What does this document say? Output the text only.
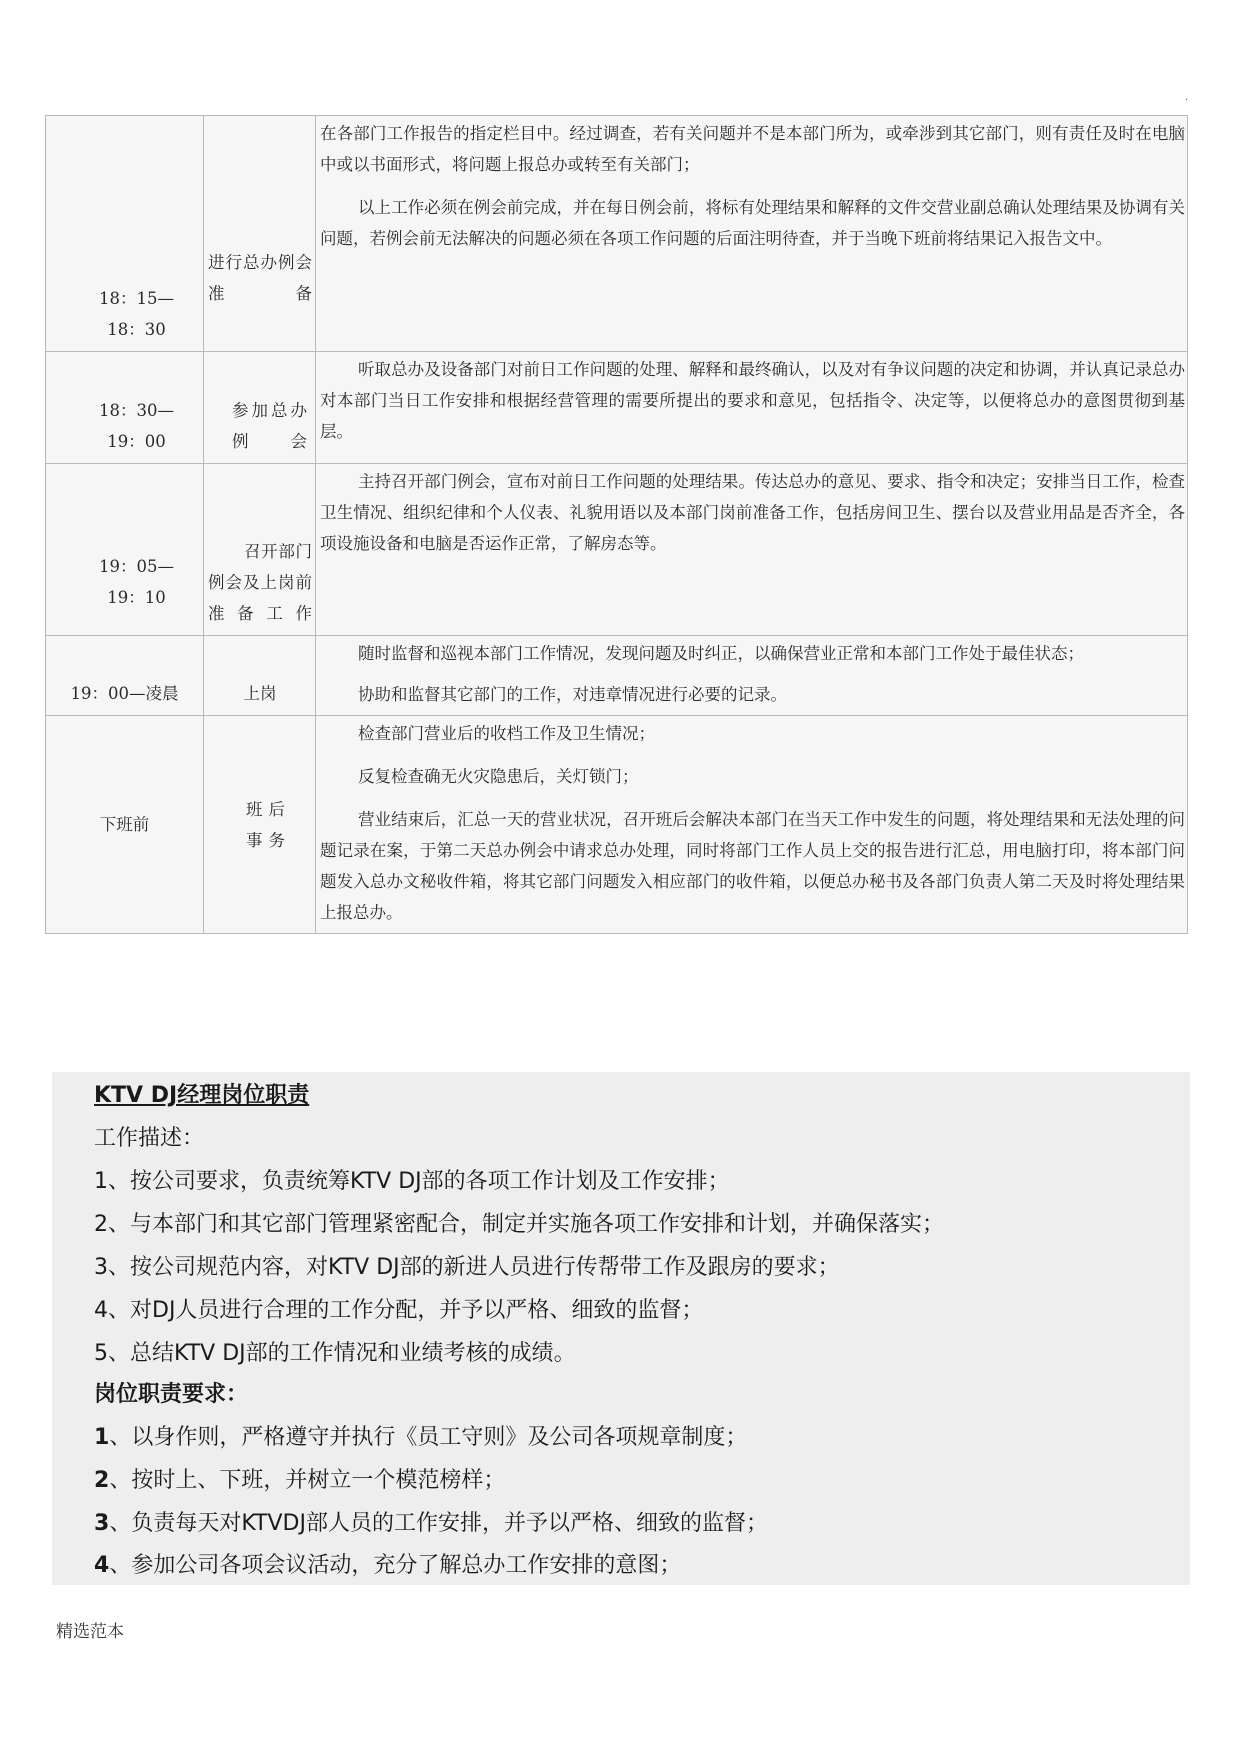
.
18：15—18：30	进行总办例会准备	在各部门工作报告的指定栏目中。经过调查，若有关问题并不是本部门所为，或牵涉到其它部门，则有责任及时在电脑中或以书面形式，将问题上报总办或转至有关部门；

以上工作必须在例会前完成，并在每日例会前，将标有处理结果和解释的文件交营业副总确认处理结果及协调有关问题，若例会前无法解决的问题必须在各项工作问题的后面注明待查，并于当晚下班前将结果记入报告文中。

18：30—19：00	参加总办例会	听取总办及设备部门对前日工作问题的处理、解释和最终确认，以及对有争议问题的决定和协调，并认真记录总办对本部门当日工作安排和根据经营管理的需要所提出的要求和意见，包括指令、决定等，以便将总办的意图贯彻到基层。

19：05—19：10	召开部门例会及上岗前准备工作	主持召开部门例会，宣布对前日工作问题的处理结果。传达总办的意见、要求、指令和决定；安排当日工作，检查卫生情况、组织纪律和个人仪表、礼貌用语以及本部门岗前准备工作，包括房间卫生、摆台以及营业用品是否齐全，各项设施设备和电脑是否运作正常，了解房态等。

19：00—凌晨	上岗	随时监督和巡视本部门工作情况，发现问题及时纠正，以确保营业正常和本部门工作处于最佳状态；

协助和监督其它部门的工作，对违章情况进行必要的记录。

下班前	班后事务	检查部门营业后的收档工作及卫生情况；

反复检查确无火灾隐患后，关灯锁门；

营业结束后，汇总一天的营业状况，召开班后会解决本部门在当天工作中发生的问题，将处理结果和无法处理的问题记录在案，于第二天总办例会中请求总办处理，同时将部门工作人员上交的报告进行汇总，用电脑打印，将本部门问题发入总办文秘收件箱，将其它部门问题发入相应部门的收件箱，以便总办秘书及各部门负责人第二天及时将处理结果上报总办。

KTV DJ经理岗位职责
工作描述：
1、按公司要求，负责统筹KTV DJ部的各项工作计划及工作安排；
2、与本部门和其它部门管理紧密配合，制定并实施各项工作安排和计划，并确保落实；
3、按公司规范内容，对KTV DJ部的新进人员进行传帮带工作及跟房的要求；
4、对DJ人员进行合理的工作分配，并予以严格、细致的监督；
5、总结KTV DJ部的工作情况和业绩考核的成绩。
岗位职责要求：
1、以身作则，严格遵守并执行《员工守则》及公司各项规章制度；
2、按时上、下班，并树立一个模范榜样；
3、负责每天对KTVDJ部人员的工作安排，并予以严格、细致的监督；
4、参加公司各项会议活动，充分了解总办工作安排的意图；
精选范本
